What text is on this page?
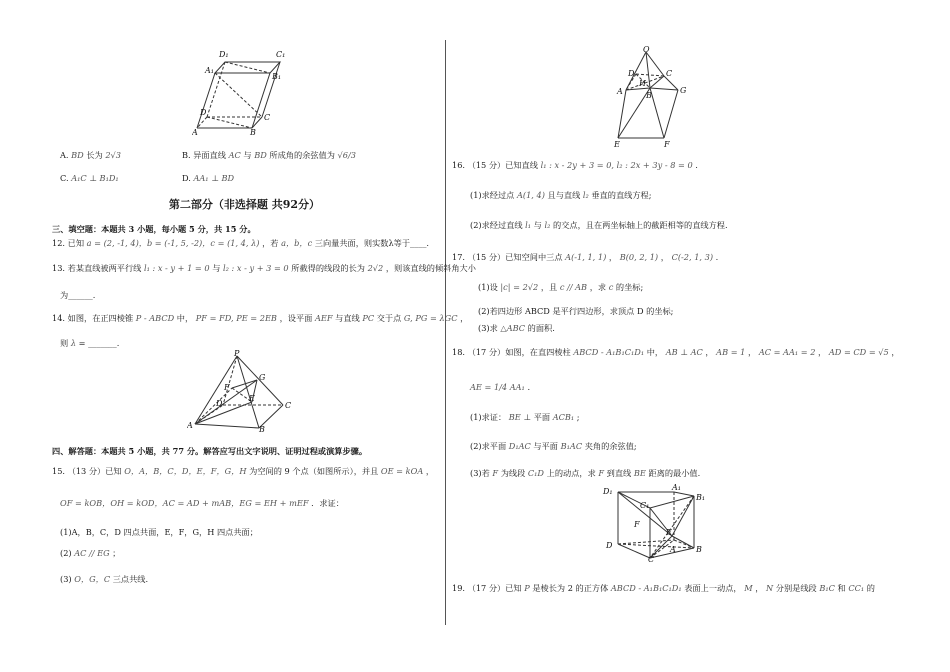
D₁	C₁
A₁
B₁
D
C
A	B
A. BD 长为 2√3	B. 异面直线 AC 与 BD 所成角的余弦值为 √6/3
C. A₁C ⊥ B₁D₁	D. AA₁ ⊥ BD
第二部分（非选择题 共92分）
三、填空题：本题共 3 小题，每小题 5 分，共 15 分。
12. 已知 a = (2, -1, 4)，b = (-1, 5, -2)，c = (1, 4, λ) ，若 a，b，c 三向量共面，则实数λ等于____.
13. 若某直线被两平行线 l₁ : x - y + 1 = 0 与 l₂ : x - y + 3 = 0 所截得的线段的长为 2√2 ，则该直线的倾斜角大小
为______.
14. 如图，在正四棱锥 P - ABCD 中， PF = FD, PE = 2EB ，设平面 AEF 与直线 PC 交于点 G, PG = λGC ，
则 λ = _______.
P
G
F
D
E
C
A	B
四、解答题：本题共 5 小题，共 77 分。解答应写出文字说明、证明过程或演算步骤。
15. （13 分）已知 O，A，B，C，D，E，F，G，H 为空间的 9 个点（如图所示），并且 OE = kOA ，
OF = kOB，OH = kOD，AC = AD + mAB，EG = EH + mEF ．求证：
(1)A，B，C，D 四点共面，E，F，G，H 四点共面；
(2) AC // EG ；
(3) O，G，C 三点共线.
O
D	C
A
H
B
G
E	F
16. （15 分）已知直线 l₁ : x - 2y + 3 = 0, l₂ : 2x + 3y - 8 = 0 .
(1)求经过点 A(1, 4) 且与直线 l₂ 垂直的直线方程;
(2)求经过直线 l₁ 与 l₂ 的交点，且在两坐标轴上的截距相等的直线方程.
17. （15 分）已知空间中三点 A(-1, 1, 1) ， B(0, 2, 1) ， C(-2, 1, 3) .
(1)设 |c| = 2√2 ，且 c // AB ，求 c 的坐标;
(2)若四边形 ABCD 是平行四边形，求顶点 D 的坐标;
(3)求 △ABC 的面积.
18. （17 分）如图，在直四棱柱 ABCD - A₁B₁C₁D₁ 中， AB ⊥ AC ， AB = 1 ， AC = AA₁ = 2 ， AD = CD = √5 ，
AE = 1/4 AA₁ .
(1)求证： BE ⊥ 平面 ACB₁ ;
(2)求平面 D₁AC 与平面 B₁AC 夹角的余弦值;
(3)若 F 为线段 C₁D 上的动点，求 F 到直线 BE 距离的最小值.
D₁	A₁
B₁
C₁
F
E
D	A	B
C
19. （17 分）已知 P 是棱长为 2 的正方体 ABCD - A₁B₁C₁D₁ 表面上一动点， M ， N 分别是线段 B₁C 和 CC₁ 的
